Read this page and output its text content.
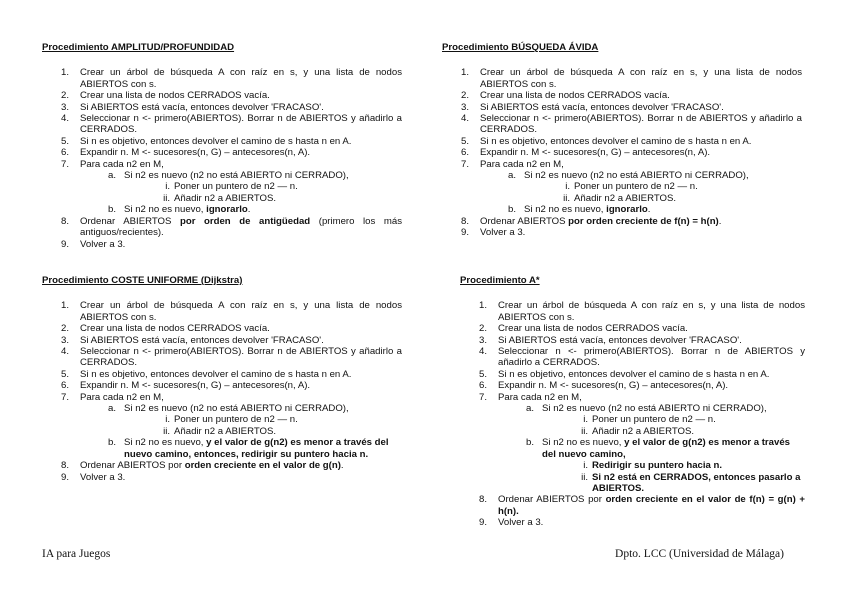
Procedimiento AMPLITUD/PROFUNDIDAD
1. Crear un árbol de búsqueda A con raíz en s, y una lista de nodos ABIERTOS con s.
2. Crear una lista de nodos CERRADOS vacía.
3. Si ABIERTOS está vacía, entonces devolver 'FRACASO'.
4. Seleccionar n <- primero(ABIERTOS). Borrar n de ABIERTOS y añadirlo a CERRADOS.
5. Si n es objetivo, entonces devolver el camino de s hasta n en A.
6. Expandir n. M <- sucesores(n, G) – antecesores(n, A).
7. Para cada n2 en M,
a. Si n2 es nuevo (n2 no está ABIERTO ni CERRADO),
i. Poner un puntero de n2 — n.
ii. Añadir n2 a ABIERTOS.
b. Si n2 no es nuevo, ignorarlo.
8. Ordenar ABIERTOS por orden de antigüedad (primero los más antiguos/recientes).
9. Volver a 3.
Procedimiento BÚSQUEDA ÁVIDA
1. Crear un árbol de búsqueda A con raíz en s, y una lista de nodos ABIERTOS con s.
2. Crear una lista de nodos CERRADOS vacía.
3. Si ABIERTOS está vacía, entonces devolver 'FRACASO'.
4. Seleccionar n <- primero(ABIERTOS). Borrar n de ABIERTOS y añadirlo a CERRADOS.
5. Si n es objetivo, entonces devolver el camino de s hasta n en A.
6. Expandir n. M <- sucesores(n, G) – antecesores(n, A).
7. Para cada n2 en M,
a. Si n2 es nuevo (n2 no está ABIERTO ni CERRADO),
i. Poner un puntero de n2 — n.
ii. Añadir n2 a ABIERTOS.
b. Si n2 no es nuevo, ignorarlo.
8. Ordenar ABIERTOS por orden creciente de f(n) = h(n).
9. Volver a 3.
Procedimiento COSTE UNIFORME (Dijkstra)
1. Crear un árbol de búsqueda A con raíz en s, y una lista de nodos ABIERTOS con s.
2. Crear una lista de nodos CERRADOS vacía.
3. Si ABIERTOS está vacía, entonces devolver 'FRACASO'.
4. Seleccionar n <- primero(ABIERTOS). Borrar n de ABIERTOS y añadirlo a CERRADOS.
5. Si n es objetivo, entonces devolver el camino de s hasta n en A.
6. Expandir n. M <- sucesores(n, G) – antecesores(n, A).
7. Para cada n2 en M,
a. Si n2 es nuevo (n2 no está ABIERTO ni CERRADO),
i. Poner un puntero de n2 — n.
ii. Añadir n2 a ABIERTOS.
b. Si n2 no es nuevo, y el valor de g(n2) es menor a través del nuevo camino, entonces, redirigir su puntero hacia n.
8. Ordenar ABIERTOS por orden creciente en el valor de g(n).
9. Volver a 3.
Procedimiento A*
1. Crear un árbol de búsqueda A con raíz en s, y una lista de nodos ABIERTOS con s.
2. Crear una lista de nodos CERRADOS vacía.
3. Si ABIERTOS está vacía, entonces devolver 'FRACASO'.
4. Seleccionar n <- primero(ABIERTOS). Borrar n de ABIERTOS y añadirlo a CERRADOS.
5. Si n es objetivo, entonces devolver el camino de s hasta n en A.
6. Expandir n. M <- sucesores(n, G) – antecesores(n, A).
7. Para cada n2 en M,
a. Si n2 es nuevo (n2 no está ABIERTO ni CERRADO),
i. Poner un puntero de n2 — n.
ii. Añadir n2 a ABIERTOS.
b. Si n2 no es nuevo, y el valor de g(n2) es menor a través del nuevo camino,
i. Redirigir su puntero hacia n.
ii. Si n2 está en CERRADOS, entonces pasarlo a ABIERTOS.
8. Ordenar ABIERTOS por orden creciente en el valor de f(n) = g(n) + h(n).
9. Volver a 3.
IA para Juegos	Dpto. LCC (Universidad de Málaga)
